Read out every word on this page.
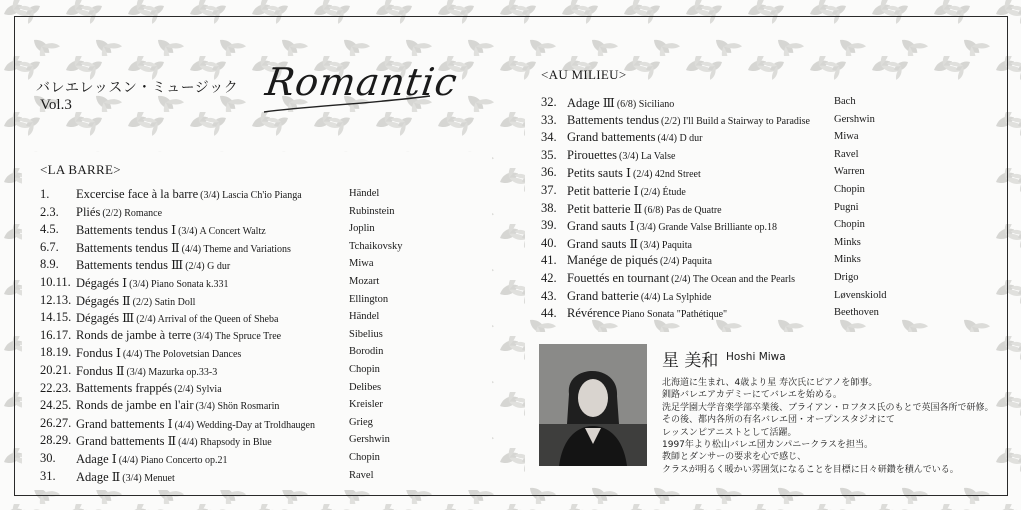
バレエレッスン・ミュージック
Vol.3
Romantic
<LA BARRE>
1. Excercise face à la barre (3/4) Lascia Ch'io Pianga	Händel
2.3. Pliés (2/2) Romance	Rubinstein
4.5. Battements tendus Ⅰ (3/4) A Concert Waltz	Joplin
6.7. Battements tendus Ⅱ (4/4) Theme and Variations	Tchaikovsky
8.9. Battements tendus Ⅲ (2/4) G dur	Miwa
10.11. Dégagés Ⅰ (3/4) Piano Sonata k.331	Mozart
12.13. Dégagés Ⅱ (2/2) Satin Doll	Ellington
14.15. Dégagés Ⅲ (2/4) Arrival of the Queen of Sheba	Händel
16.17. Ronds de jambe à terre (3/4) The Spruce Tree	Sibelius
18.19. Fondus Ⅰ (4/4) The Polovetsian Dances	Borodin
20.21. Fondus Ⅱ (3/4) Mazurka op.33-3	Chopin
22.23. Battements frappés (2/4) Sylvia	Delibes
24.25. Ronds de jambe en l'air (3/4) Shön Rosmarin	Kreisler
26.27. Grand battements Ⅰ (4/4) Wedding-Day at Troldhaugen	Grieg
28.29. Grand battements Ⅱ (4/4) Rhapsody in Blue	Gershwin
30. Adage Ⅰ (4/4) Piano Concerto op.21	Chopin
31. Adage Ⅱ (3/4) Menuet	Ravel
<AU MILIEU>
32. Adage Ⅲ (6/8) Siciliano	Bach
33. Battements tendus (2/2) I'll Build a Stairway to Paradise Gershwin
34. Grand battements (4/4) D dur	Miwa
35. Pirouettes (3/4) La Valse	Ravel
36. Petits sauts Ⅰ (2/4) 42nd Street	Warren
37. Petit batterie Ⅰ (2/4) Étude	Chopin
38. Petit batterie Ⅱ (6/8) Pas de Quatre	Pugni
39. Grand sauts Ⅰ (3/4) Grande Valse Brilliante op.18	Chopin
40. Grand sauts Ⅱ (3/4) Paquita	Minks
41. Manége de piqués (2/4) Paquita	Minks
42. Fouettés en tournant (2/4) The Ocean and the Pearls	Drigo
43. Grand batterie (4/4) La Sylphide	Løvenskiold
44. Révérence Piano Sonata "Pathétique"	Beethoven
星 美和 Hoshi Miwa
北海道に生まれ、4歳より星 寿次氏にピアノを師事。
釧路バレエアカデミーにてバレエを始める。
洗足学園大学音楽学部卒業後、ブライアン・ロフタス氏のもとで英国各所で研修。
その後、都内各所の有名バレエ団・オープンスタジオにて
レッスンピアニストとして活躍。
1997年より松山バレエ団カンパニークラスを担当。
教師とダンサーの要求を心で感じ、
クラスが明るく暖かい雰囲気になることを目標に日々研鑽を積んでいる。
